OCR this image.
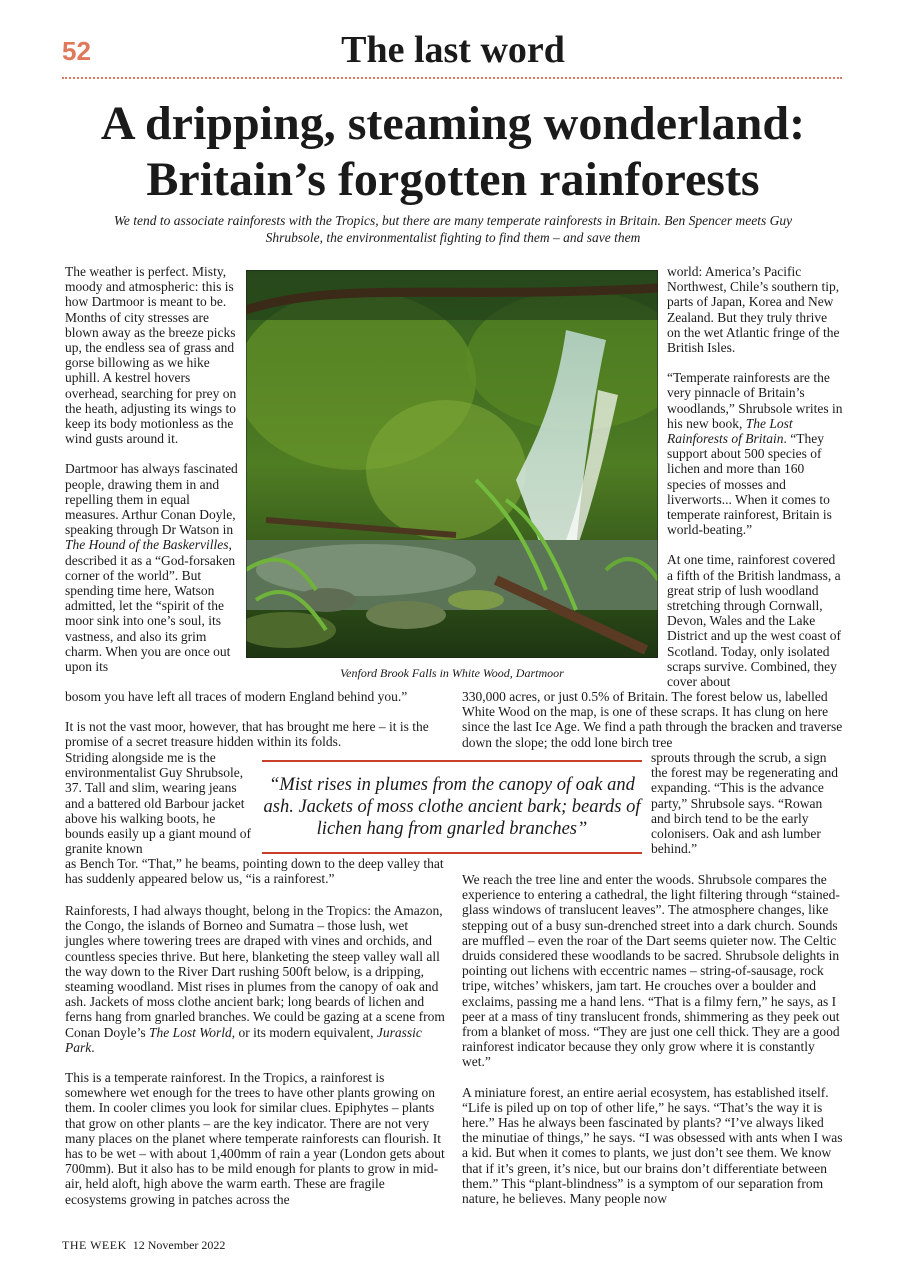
52	The last word
A dripping, steaming wonderland:
Britain’s forgotten rainforests
We tend to associate rainforests with the Tropics, but there are many temperate rainforests in Britain. Ben Spencer meets Guy Shrubsole, the environmentalist fighting to find them – and save them

The weather is perfect. Misty, moody and atmospheric: this is how Dartmoor is meant to be. Months of city stresses are blown away as the breeze picks up, the endless sea of grass and gorse billowing as we hike uphill. A kestrel hovers overhead, searching for prey on the heath, adjusting its wings to keep its body motionless as the wind gusts around it.

Dartmoor has always fascinated people, drawing them in and repelling them in equal measures. Arthur Conan Doyle, speaking through Dr Watson in The Hound of the Baskervilles, described it as a “God-forsaken corner of the world”. But spending time here, Watson admitted, let the “spirit of the moor sink into one’s soul, its vastness, and also its grim charm. When you are once out upon its

bosom you have left all traces of modern England behind you.”

It is not the vast moor, however, that has brought me here – it is the promise of a secret treasure hidden within its folds.

Striding alongside me is the environmentalist Guy Shrubsole, 37. Tall and slim, wearing jeans and a battered old Barbour jacket above his walking boots, he bounds easily up a giant mound of granite known

as Bench Tor. “That,” he beams, pointing down to the deep valley that has suddenly appeared below us, “is a rainforest.”

Rainforests, I had always thought, belong in the Tropics: the Amazon, the Congo, the islands of Borneo and Sumatra – those lush, wet jungles where towering trees are draped with vines and orchids, and countless species thrive. But here, blanketing the steep valley wall all the way down to the River Dart rushing 500ft below, is a dripping, steaming woodland. Mist rises in plumes from the canopy of oak and ash. Jackets of moss clothe ancient bark; long beards of lichen and ferns hang from gnarled branches. We could be gazing at a scene from Conan Doyle’s The Lost World, or its modern equivalent, Jurassic Park.

This is a temperate rainforest. In the Tropics, a rainforest is somewhere wet enough for the trees to have other plants growing on them. In cooler climes you look for similar clues. Epiphytes – plants that grow on other plants – are the key indicator. There are not very many places on the planet where temperate rainforests can flourish. It has to be wet – with about 1,400mm of rain a year (London gets about 700mm). But it also has to be mild enough for plants to grow in mid-air, held aloft, high above the warm earth. These are fragile ecosystems growing in patches across the

Venford Brook Falls in White Wood, Dartmoor

world: America’s Pacific Northwest, Chile’s southern tip, parts of Japan, Korea and New Zealand. But they truly thrive on the wet Atlantic fringe of the British Isles.

“Temperate rainforests are the very pinnacle of Britain’s woodlands,” Shrubsole writes in his new book, The Lost Rainforests of Britain. “They support about 500 species of lichen and more than 160 species of mosses and liverworts... When it comes to temperate rainforest, Britain is world-beating.”

At one time, rainforest covered a fifth of the British landmass, a great strip of lush woodland stretching through Cornwall, Devon, Wales and the Lake District and up the west coast of Scotland. Today, only isolated scraps survive. Combined, they cover about

330,000 acres, or just 0.5% of Britain. The forest below us, labelled White Wood on the map, is one of these scraps. It has clung on here since the last Ice Age. We find a path through the bracken and traverse down the slope; the odd lone birch tree

sprouts through the scrub, a sign the forest may be regenerating and expanding. “This is the advance party,” Shrubsole says. “Rowan and birch tend to be the early colonisers. Oak and ash lumber behind.”

“Mist rises in plumes from the canopy of oak and ash. Jackets of moss clothe ancient bark; beards of lichen hang from gnarled branches”

We reach the tree line and enter the woods. Shrubsole compares the experience to entering a cathedral, the light filtering through “stained-glass windows of translucent leaves”. The atmosphere changes, like stepping out of a busy sun-drenched street into a dark church. Sounds are muffled – even the roar of the Dart seems quieter now. The Celtic druids considered these woodlands to be sacred. Shrubsole delights in pointing out lichens with eccentric names – string-of-sausage, rock tripe, witches’ whiskers, jam tart. He crouches over a boulder and exclaims, passing me a hand lens. “That is a filmy fern,” he says, as I peer at a mass of tiny translucent fronds, shimmering as they peek out from a blanket of moss. “They are just one cell thick. They are a good rainforest indicator because they only grow where it is constantly wet.”

A miniature forest, an entire aerial ecosystem, has established itself. “Life is piled up on top of other life,” he says. “That’s the way it is here.” Has he always been fascinated by plants? “I’ve always liked the minutiae of things,” he says. “I was obsessed with ants when I was a kid. But when it comes to plants, we just don’t see them. We know that if it’s green, it’s nice, but our brains don’t differentiate between them.” This “plant-blindness” is a symptom of our separation from nature, he believes. Many people now

THE WEEK 12 November 2022
